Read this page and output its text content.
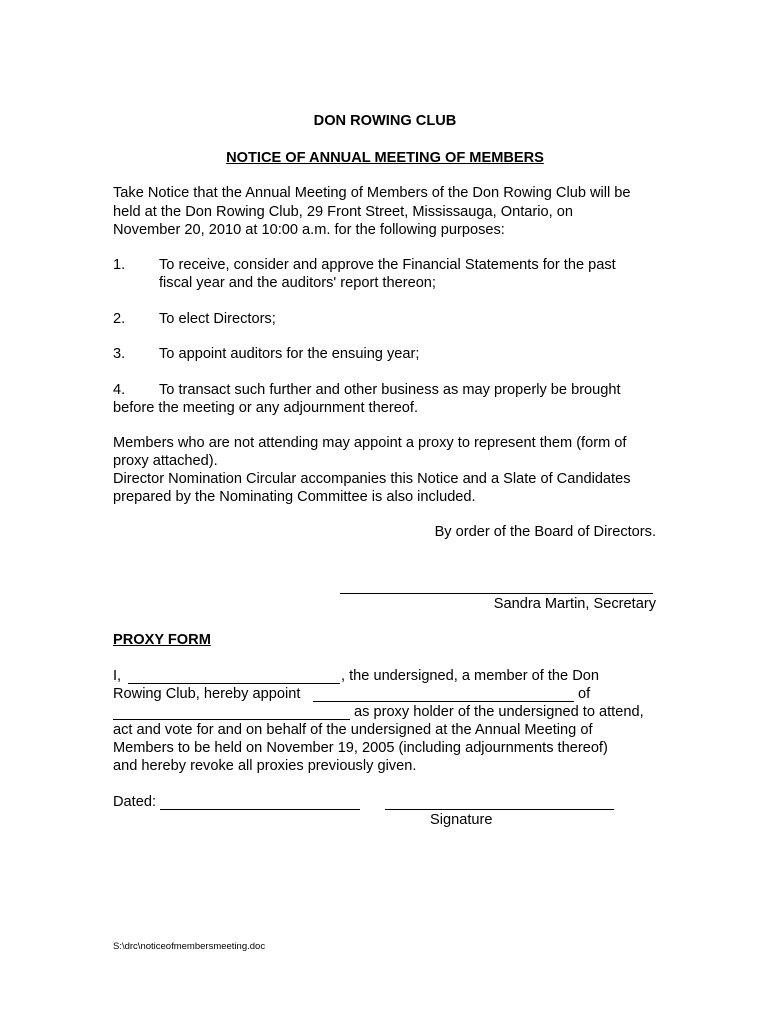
DON ROWING CLUB
NOTICE OF ANNUAL MEETING OF MEMBERS
Take Notice that the Annual Meeting of Members of the Don Rowing Club will be
held at the Don Rowing Club, 29 Front Street, Mississauga, Ontario, on
November 20, 2010 at 10:00 a.m. for the following purposes:
1. To receive, consider and approve the Financial Statements for the past
fiscal year and the auditors' report thereon;
2. To elect Directors;
3. To appoint auditors for the ensuing year;
4. To transact such further and other business as may properly be brought
before the meeting or any adjournment thereof.
Members who are not attending may appoint a proxy to represent them (form of
proxy attached).
Director Nomination Circular accompanies this Notice and a Slate of Candidates
prepared by the Nominating Committee is also included.
By order of the Board of Directors.
Sandra Martin, Secretary
PROXY FORM
I,	, the undersigned, a member of the Don
Rowing Club, hereby appoint	of
as proxy holder of the undersigned to attend,
act and vote for and on behalf of the undersigned at the Annual Meeting of
Members to be held on November 19, 2005 (including adjournments thereof)
and hereby revoke all proxies previously given.
Dated:
Signature
S:\drc\noticeofmembersmeeting.doc
